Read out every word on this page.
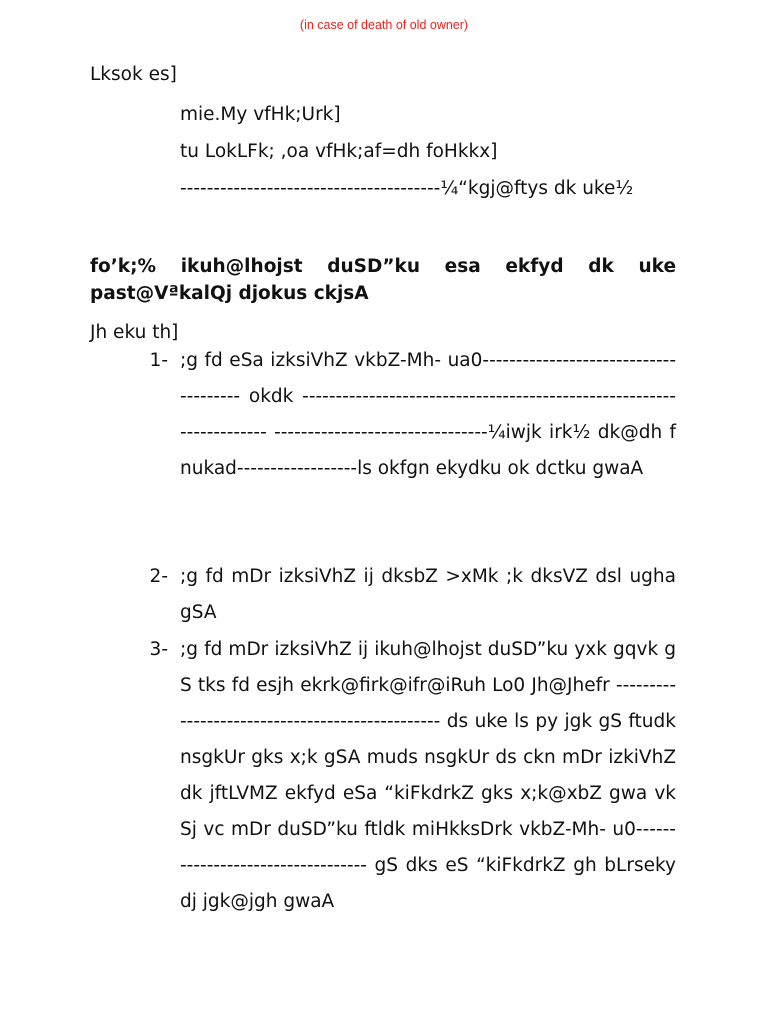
(in case of death of old owner)
Lksok es]
mie.My vfHk;Urk]
tu LokLFk; ,oa vfHk;af=dh foHkkx]
---------------------------------------¼“kgj@ftys dk uke½
fo’k;% ikuh@lhojst duSD”ku esa ekfyd dk uke past@VªkalQj djokus ckjsA
Jh eku th]
1- ;g fd eSa izksiVhZ vkbZ-Mh- ua0-------------------------------------- okdk --------------------------------------------------------------------- --------------------------------¼iwjk irk½ dk@dh fnukad------------------ls okfgn ekydku ok dctku gwaA
2- ;g fd mDr izksiVhZ ij dksbZ >xMk ;k dksVZ dsl ugha gSA
3- ;g fd mDr izksiVhZ ij ikuh@lhojst duSD”ku yxk gqvk gS tks fd esjh ekrk@firk@ifr@iRuh Lo0 Jh@Jhefr ------------------------------------------------ ds uke ls py jgk gS ftudk nsgkUr gks x;k gSA muds nsgkUr ds ckn mDr izkiVhZ dk jftLVMZ ekfyd eSa “kiFkdrkZ gks x;k@xbZ gwa vkSj vc mDr duSD”ku ftldk miHkksDrk vkbZ-Mh- u0---------------------------------- gS dks eS “kiFkdrkZ gh bLrseky dj jgk@jgh gwaA
